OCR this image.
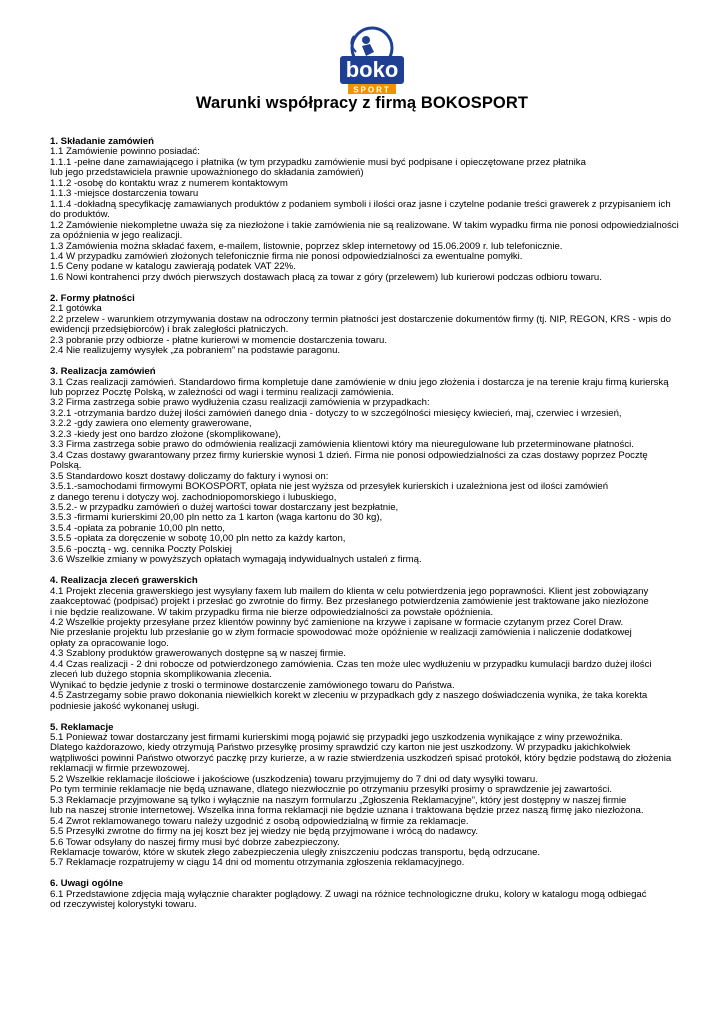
boko
SPORT
Warunki współpracy z firmą BOKOSPORT
1. Składanie zamówień

1.1 Zamówienie powinno posiadać:

1.1.1 -pełne dane zamawiającego i płatnika (w tym przypadku zamówienie musi być podpisane i opieczętowane przez płatnika
lub jego przedstawiciela prawnie upoważnionego do składania zamówień)

1.1.2 -osobę do kontaktu wraz z numerem kontaktowym

1.1.3 -miejsce dostarczenia towaru

1.1.4 -dokładną specyfikację zamawianych produktów z podaniem symboli i ilości oraz jasne i czytelne podanie treści grawerek z przypisaniem ich
do produktów.

1.2 Zamówienie niekompletne uważa się za niezłożone i takie zamówienia nie są realizowane. W takim wypadku firma nie ponosi odpowiedzialności
za opóźnienia w jego realizacji.

1.3 Zamówienia można składać faxem, e-mailem, listownie, poprzez sklep internetowy od 15.06.2009 r. lub telefonicznie.

1.4 W przypadku zamówień złożonych telefonicznie firma nie ponosi odpowiedzialności za ewentualne pomyłki.

1.5 Ceny podane w katalogu zawierają podatek VAT 22%.

1.6 Nowi kontrahenci przy dwóch pierwszych dostawach płacą za towar z góry (przelewem) lub kurierowi podczas odbioru towaru.

2. Formy płatności

2.1 gotówka

2.2 przelew - warunkiem otrzymywania dostaw na odroczony termin płatności jest dostarczenie dokumentów firmy (tj. NIP, REGON, KRS - wpis do
ewidencji przedsiębiorców) i brak zaległości płatniczych.

2.3 pobranie przy odbiorze - płatne kurierowi w momencie dostarczenia towaru.

2.4 Nie realizujemy wysyłek „za pobraniem” na podstawie paragonu.

3. Realizacja zamówień

3.1 Czas realizacji zamówień. Standardowo firma kompletuje dane zamówienie w dniu jego złożenia i dostarcza je na terenie kraju firmą kurierską
lub poprzez Pocztę Polską, w zależności od wagi i terminu realizacji zamówienia.

3.2 Firma zastrzega sobie prawo wydłużenia czasu realizacji zamówienia w przypadkach:

3.2.1 -otrzymania bardzo dużej ilości zamówień danego dnia - dotyczy to w szczególności miesięcy kwiecień, maj, czerwiec i wrzesień,

3.2.2 -gdy zawiera ono elementy grawerowane,

3.2.3 -kiedy jest ono bardzo złożone (skomplikowane),

3.3 Firma zastrzega sobie prawo do odmówienia realizacji zamówienia klientowi który ma nieuregulowane lub przeterminowane płatności.

3.4 Czas dostawy gwarantowany przez firmy kurierskie wynosi 1 dzień. Firma nie ponosi odpowiedzialności za czas dostawy poprzez Pocztę
Polską.

3.5 Standardowo koszt dostawy doliczamy do faktury i wynosi on:

3.5.1.-samochodami firmowymi BOKOSPORT, opłata nie jest wyższa od przesyłek kurierskich i uzależniona jest od ilości zamówień
z danego terenu i dotyczy woj. zachodniopomorskiego i lubuskiego,

3.5.2.- w przypadku zamówień o dużej wartości towar dostarczany jest bezpłatnie,

3.5.3 -firmami kurierskimi 20,00 pln netto za 1 karton (waga kartonu do 30 kg),

3.5.4 -opłata za pobranie 10,00 pln netto,

3.5.5 -opłata za doręczenie w sobotę 10,00 pln netto za każdy karton,

3.5.6 -pocztą - wg. cennika Poczty Polskiej

3.6 Wszelkie zmiany w powyższych opłatach wymagają indywidualnych ustaleń z firmą.

4. Realizacja zleceń grawerskich

4.1 Projekt zlecenia grawerskiego jest wysyłany faxem lub mailem do klienta w celu potwierdzenia jego poprawności. Klient jest zobowiązany
zaakceptować (podpisać) projekt i przesłać go zwrotnie do firmy. Bez przesłanego potwierdzenia zamówienie jest traktowane jako niezłożone
i nie będzie realizowane. W takim przypadku firma nie bierze odpowiedzialności za powstałe opóźnienia.

4.2 Wszelkie projekty przesyłane przez klientów powinny być zamienione na krzywe i zapisane w formacie czytanym przez Corel Draw.
Nie przesłanie projektu lub przesłanie go w złym formacie spowodować może opóźnienie w realizacji zamówienia i naliczenie dodatkowej
opłaty za opracowanie logo.

4.3 Szablony produktów grawerowanych dostępne są w naszej firmie.

4.4 Czas realizacji - 2 dni robocze od potwierdzonego zamówienia. Czas ten może ulec wydłużeniu w przypadku kumulacji bardzo dużej ilości
zleceń lub dużego stopnia skomplikowania zlecenia.
Wynikać to będzie jedynie z troski o terminowe dostarczenie zamówionego towaru do Państwa.

4.5 Zastrzegamy sobie prawo dokonania niewielkich korekt w zleceniu w przypadkach gdy z naszego doświadczenia wynika, że taka korekta
podniesie jakość wykonanej usługi.

5. Reklamacje

5.1 Ponieważ towar dostarczany jest firmami kurierskimi mogą pojawić się przypadki jego uszkodzenia wynikające z winy przewoźnika.
Dlatego każdorazowo, kiedy otrzymują Państwo przesyłkę prosimy sprawdzić czy karton nie jest uszkodzony. W przypadku jakichkolwiek
wątpliwości powinni Państwo otworzyć paczkę przy kurierze, a w razie stwierdzenia uszkodzeń spisać protokół, który będzie podstawą do złożenia
reklamacji w firmie przewozowej.

5.2 Wszelkie reklamacje ilościowe i jakościowe (uszkodzenia) towaru przyjmujemy do 7 dni od daty wysyłki towaru.
Po tym terminie reklamacje nie będą uznawane, dlatego niezwłocznie po otrzymaniu przesyłki prosimy o sprawdzenie jej zawartości.

5.3 Reklamacje przyjmowane są tylko i wyłącznie na naszym formularzu „Zgłoszenia Reklamacyjne”, który jest dostępny w naszej firmie
lub na naszej stronie internetowej. Wszelka inna forma reklamacji nie będzie uznana i traktowana będzie przez naszą firmę jako niezłożona.

5.4 Zwrot reklamowanego towaru należy uzgodnić z osobą odpowiedzialną w firmie za reklamacje.

5.5 Przesyłki zwrotne do firmy na jej koszt bez jej wiedzy nie będą przyjmowane i wrócą do nadawcy.

5.6 Towar odsyłany do naszej firmy musi być dobrze zabezpieczony.
Reklamacje towarów, które w skutek złego zabezpieczenia uległy zniszczeniu podczas transportu, będą odrzucane.

5.7 Reklamacje rozpatrujemy w ciągu 14 dni od momentu otrzymania zgłoszenia reklamacyjnego.

6. Uwagi ogólne

6.1 Przedstawione zdjęcia mają wyłącznie charakter poglądowy. Z uwagi na różnice technologiczne druku, kolory w katalogu mogą odbiegać
od rzeczywistej kolorystyki towaru.
